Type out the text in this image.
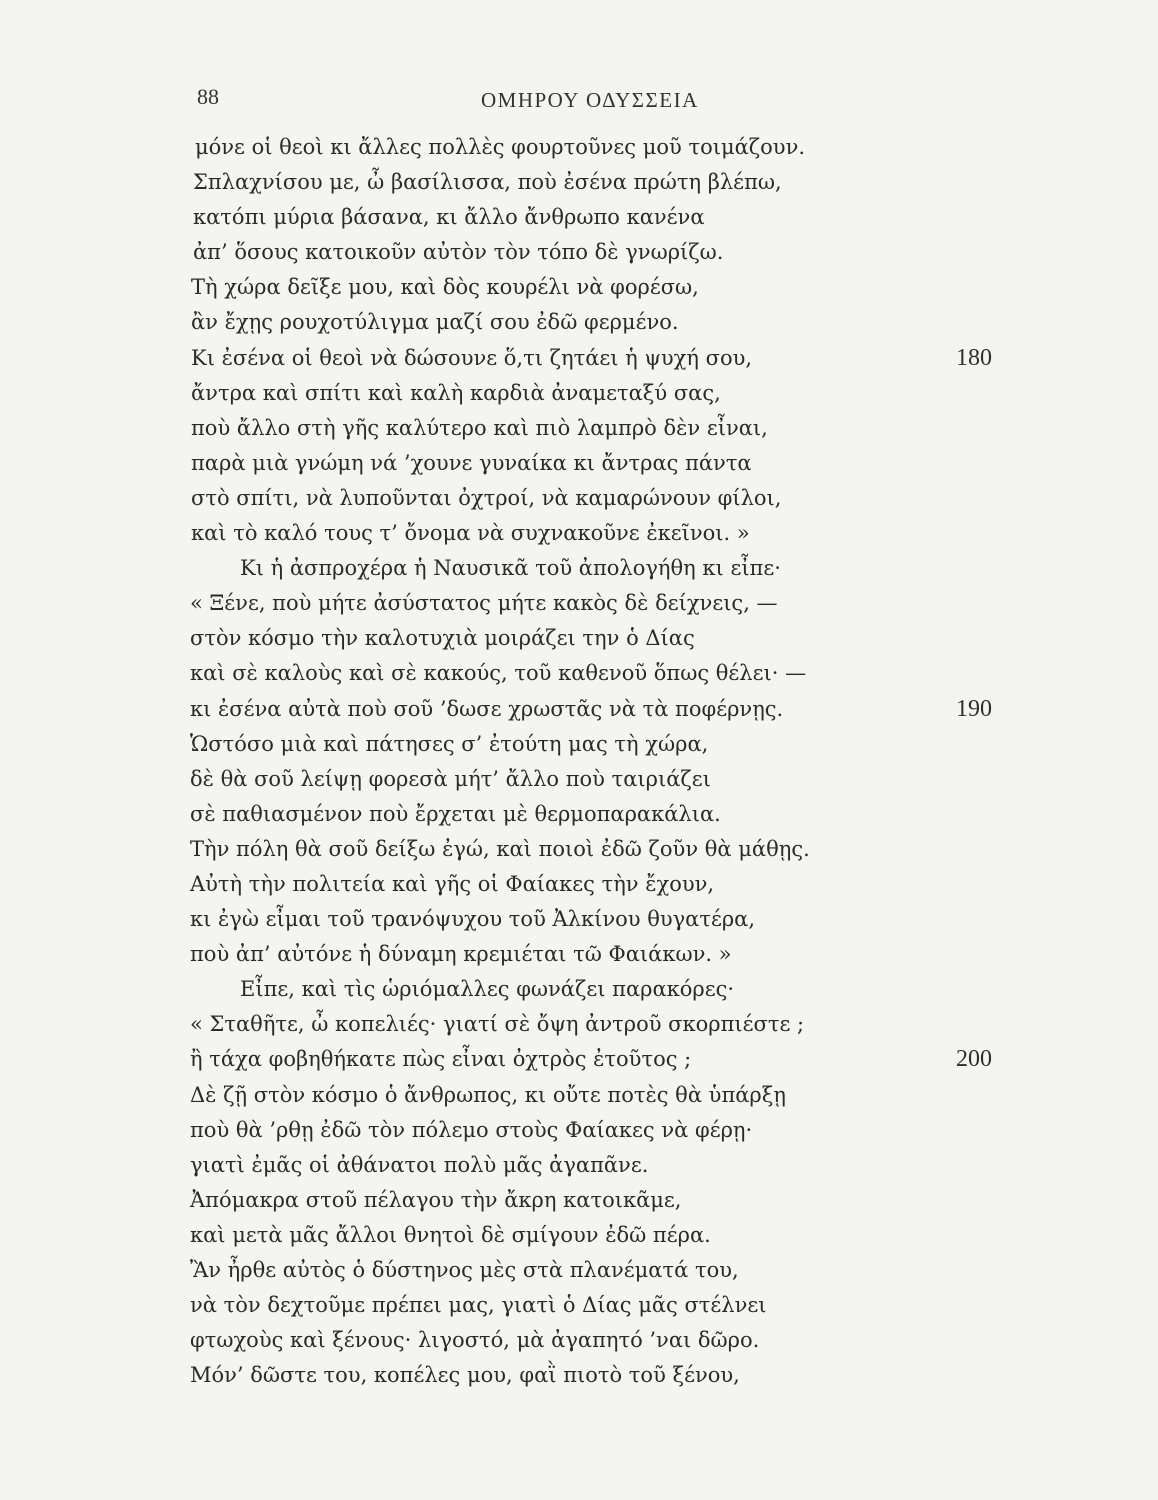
88	ΟΜΗΡΟΥ ΟΔΥΣΣΕΙΑ
μόνε οἱ θεοὶ κι ἄλλες πολλὲς φουρτοῦνες μοῦ τοιμάζουν.
Σπλαχνίσου με, ὦ βασίλισσα, ποὺ ἐσένα πρώτη βλέπω,
κατόπι μύρια βάσανα, κι ἄλλο ἄνθρωπο κανένα
ἀπ’ ὅσους κατοικοῦν αὐτὸν τὸν τόπο δὲ γνωρίζω.
Τὴ χώρα δεῖξε μου, καὶ δὸς κουρέλι νὰ φορέσω,
ἂν ἔχῃς ρουχοτύλιγμα μαζί σου ἐδῶ φερμένο.
Κι ἐσένα οἱ θεοὶ νὰ δώσουνε ὅ,τι ζητάει ἡ ψυχή σου,	180
ἄντρα καὶ σπίτι καὶ καλὴ καρδιὰ ἀναμεταξύ σας,
ποὺ ἄλλο στὴ γῆς καλύτερο καὶ πιὸ λαμπρὸ δὲν εἶναι,
παρὰ μιὰ γνώμη νά ’χουνε γυναίκα κι ἄντρας πάντα
στὸ σπίτι, νὰ λυποῦνται ὀχτροί, νὰ καμαρώνουν φίλοι,
καὶ τὸ καλό τους τ’ ὄνομα νὰ συχνακοῦνε ἐκεῖνοι. »
Κι ἡ ἀσπροχέρα ἡ Ναυσικᾶ τοῦ ἀπολογήθη κι εἶπε·
« Ξένε, ποὺ μήτε ἀσύστατος μήτε κακὸς δὲ δείχνεις, —
στὸν κόσμο τὴν καλοτυχιὰ μοιράζει την ὁ Δίας
καὶ σὲ καλοὺς καὶ σὲ κακούς, τοῦ καθενοῦ ὅπως θέλει· —
κι ἐσένα αὐτὰ ποὺ σοῦ ’δωσε χρωστᾶς νὰ τὰ ποφέρνῃς.	190
Ὡστόσο μιὰ καὶ πάτησες σ’ ἐτούτη μας τὴ χώρα,
δὲ θὰ σοῦ λείψῃ φορεσὰ μήτ’ ἄλλο ποὺ ταιριάζει
σὲ παθιασμένον ποὺ ἔρχεται μὲ θερμοπαρακάλια.
Τὴν πόλη θὰ σοῦ δείξω ἐγώ, καὶ ποιοὶ ἐδῶ ζοῦν θὰ μάθῃς.
Αὐτὴ τὴν πολιτεία καὶ γῆς οἱ Φαίακες τὴν ἔχουν,
κι ἐγὼ εἶμαι τοῦ τρανόψυχου τοῦ Ἀλκίνου θυγατέρα,
ποὺ ἀπ’ αὐτόνε ἡ δύναμη κρεμιέται τῶ Φαιάκων. »
Εἶπε, καὶ τὶς ὡριόμαλλες φωνάζει παρακόρες·
« Σταθῆτε, ὦ κοπελιές· γιατί σὲ ὄψη ἀντροῦ σκορπιέστε ;
ἢ τάχα φοβηθήκατε πὼς εἶναι ὀχτρὸς ἐτοῦτος ;	200
Δὲ ζῇ στὸν κόσμο ὁ ἄνθρωπος, κι οὔτε ποτὲς θὰ ὑπάρξῃ
ποὺ θὰ ’ρθῃ ἐδῶ τὸν πόλεμο στοὺς Φαίακες νὰ φέρῃ·
γιατὶ ἐμᾶς οἱ ἀθάνατοι πολὺ μᾶς ἀγαπᾶνε.
Ἀπόμακρα στοῦ πέλαγου τὴν ἄκρη κατοικᾶμε,
καὶ μετὰ μᾶς ἄλλοι θνητοὶ δὲ σμίγουν ἐδῶ πέρα.
Ἂν ἦρθε αὐτὸς ὁ δύστηνος μὲς στὰ πλανέματά του,
νὰ τὸν δεχτοῦμε πρέπει μας, γιατὶ ὁ Δίας μᾶς στέλνει
φτωχοὺς καὶ ξένους· λιγοστό, μὰ ἀγαπητό ’ναι δῶρο.
Μόν’ δῶστε του, κοπέλες μου, φαῒ πιοτὸ τοῦ ξένου,
